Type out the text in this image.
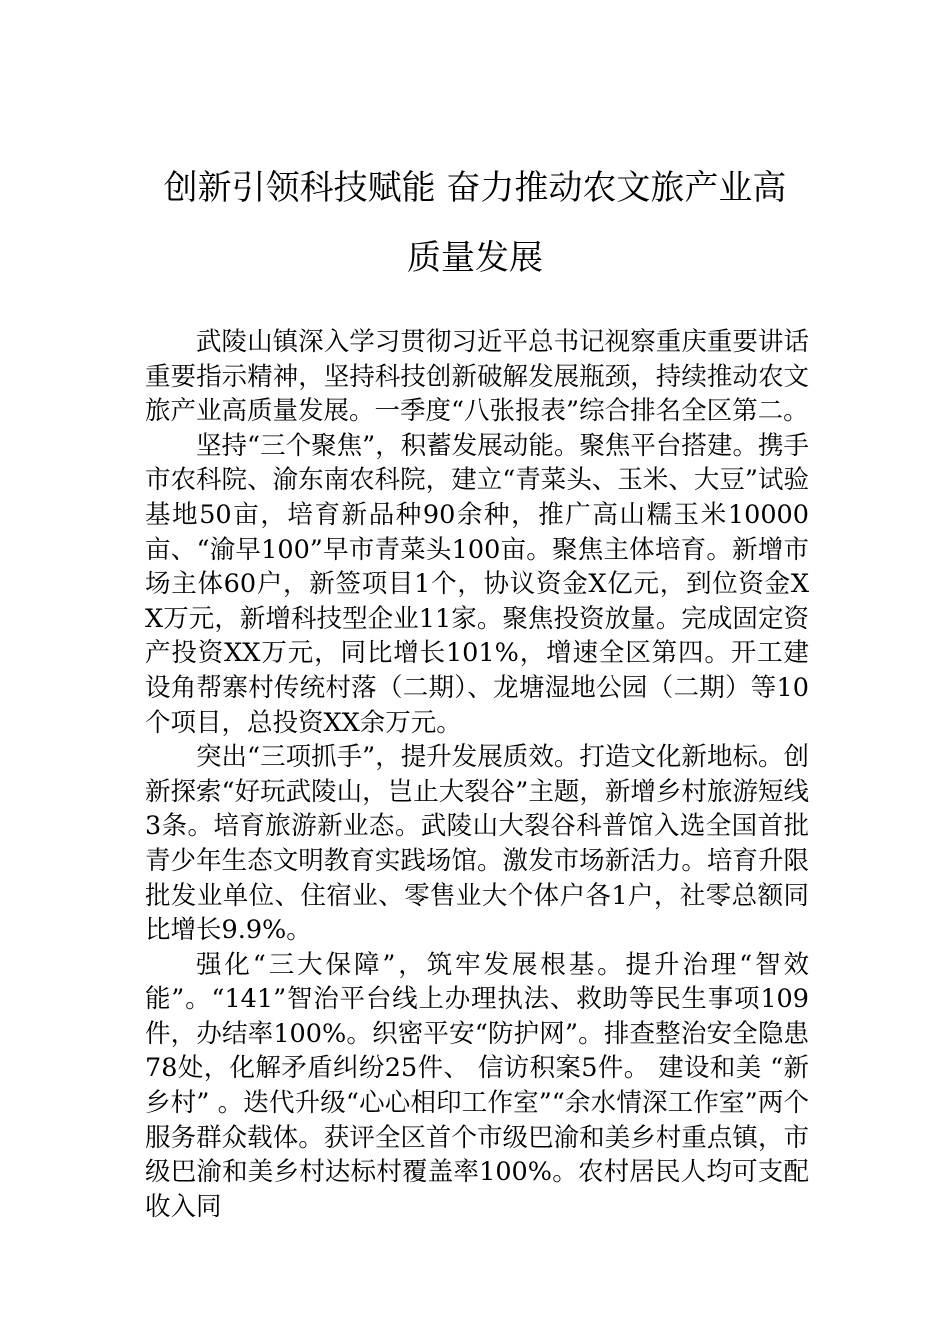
创新引领科技赋能 奋力推动农文旅产业高
质量发展

武陵山镇深入学习贯彻习近平总书记视察重庆重要讲话重要指示精神，坚持科技创新破解发展瓶颈，持续推动农文旅产业高质量发展。一季度“八张报表”综合排名全区第二。

坚持“三个聚焦”，积蓄发展动能。聚焦平台搭建。携手市农科院、渝东南农科院，建立“青菜头、玉米、大豆”试验基地50亩，培育新品种90余种，推广高山糯玉米10000亩、“渝早100”早市青菜头100亩。聚焦主体培育。新增市场主体60户，新签项目1个，协议资金X亿元，到位资金XX万元，新增科技型企业11家。聚焦投资放量。完成固定资产投资XX万元，同比增长101%，增速全区第四。开工建设角帮寨村传统村落（二期）、龙塘湿地公园（二期）等10个项目，总投资XX余万元。

突出“三项抓手”，提升发展质效。打造文化新地标。创新探索“好玩武陵山，岂止大裂谷”主题，新增乡村旅游短线3条。培育旅游新业态。武陵山大裂谷科普馆入选全国首批青少年生态文明教育实践场馆。激发市场新活力。培育升限批发业单位、住宿业、零售业大个体户各1户，社零总额同比增长9.9%。

强化“三大保障”，筑牢发展根基。提升治理“智效能”。“141”智治平台线上办理执法、救助等民生事项109件，办结率100%。织密平安“防护网”。排查整治安全隐患78处，化解矛盾纠纷25件、 信访积案5件。 建设和美 “新乡村” 。迭代升级“心心相印工作室”“余水情深工作室”两个服务群众载体。获评全区首个市级巴渝和美乡村重点镇，市级巴渝和美乡村达标村覆盖率100%。农村居民人均可支配收入同
